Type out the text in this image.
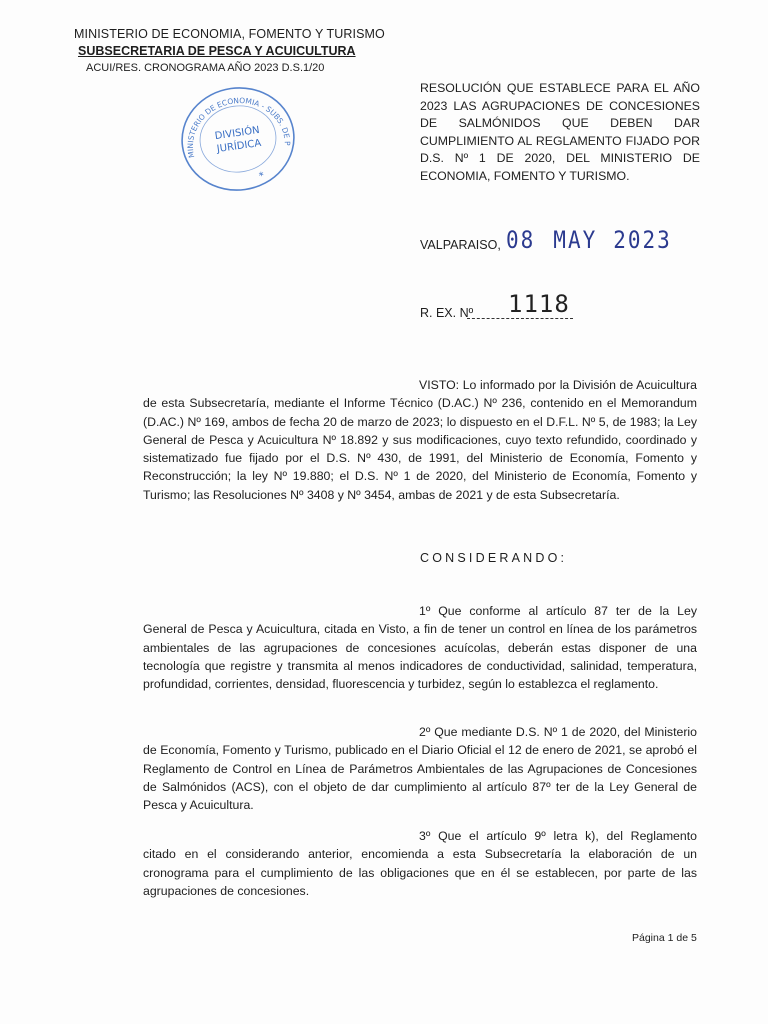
MINISTERIO DE ECONOMIA, FOMENTO Y TURISMO
SUBSECRETARIA DE PESCA Y ACUICULTURA
ACUI/RES. CRONOGRAMA AÑO 2023 D.S.1/20
MINISTERIO DE ECONOMIA - SUBS. DE PESCA
DIVISIÓN
JURÍDICA
*
RESOLUCIÓN QUE ESTABLECE PARA EL AÑO 2023 LAS AGRUPACIONES DE CONCESIONES DE SALMÓNIDOS QUE DEBEN DAR CUMPLIMIENTO AL REGLAMENTO FIJADO POR D.S. Nº 1 DE 2020, DEL MINISTERIO DE ECONOMIA, FOMENTO Y TURISMO.
VALPARAISO, 08 MAY 2023
R. EX. Nº 1118
VISTO: Lo informado por la División de Acuicultura de esta Subsecretaría, mediante el Informe Técnico (D.AC.) Nº 236, contenido en el Memorandum (D.AC.) Nº 169, ambos de fecha 20 de marzo de 2023; lo dispuesto en el D.F.L. Nº 5, de 1983; la Ley General de Pesca y Acuicultura Nº 18.892 y sus modificaciones, cuyo texto refundido, coordinado y sistematizado fue fijado por el D.S. Nº 430, de 1991, del Ministerio de Economía, Fomento y Reconstrucción; la ley Nº 19.880; el D.S. Nº 1 de 2020, del Ministerio de Economía, Fomento y Turismo; las Resoluciones Nº 3408 y Nº 3454, ambas de 2021 y de esta Subsecretaría.
CONSIDERANDO:
1º Que conforme al artículo 87 ter de la Ley General de Pesca y Acuicultura, citada en Visto, a fin de tener un control en línea de los parámetros ambientales de las agrupaciones de concesiones acuícolas, deberán estas disponer de una tecnología que registre y transmita al menos indicadores de conductividad, salinidad, temperatura, profundidad, corrientes, densidad, fluorescencia y turbidez, según lo establezca el reglamento.
2º Que mediante D.S. Nº 1 de 2020, del Ministerio de Economía, Fomento y Turismo, publicado en el Diario Oficial el 12 de enero de 2021, se aprobó el Reglamento de Control en Línea de Parámetros Ambientales de las Agrupaciones de Concesiones de Salmónidos (ACS), con el objeto de dar cumplimiento al artículo 87º ter de la Ley General de Pesca y Acuicultura.
3º Que el artículo 9º letra k), del Reglamento citado en el considerando anterior, encomienda a esta Subsecretaría la elaboración de un cronograma para el cumplimiento de las obligaciones que en él se establecen, por parte de las agrupaciones de concesiones.
Página 1 de 5
